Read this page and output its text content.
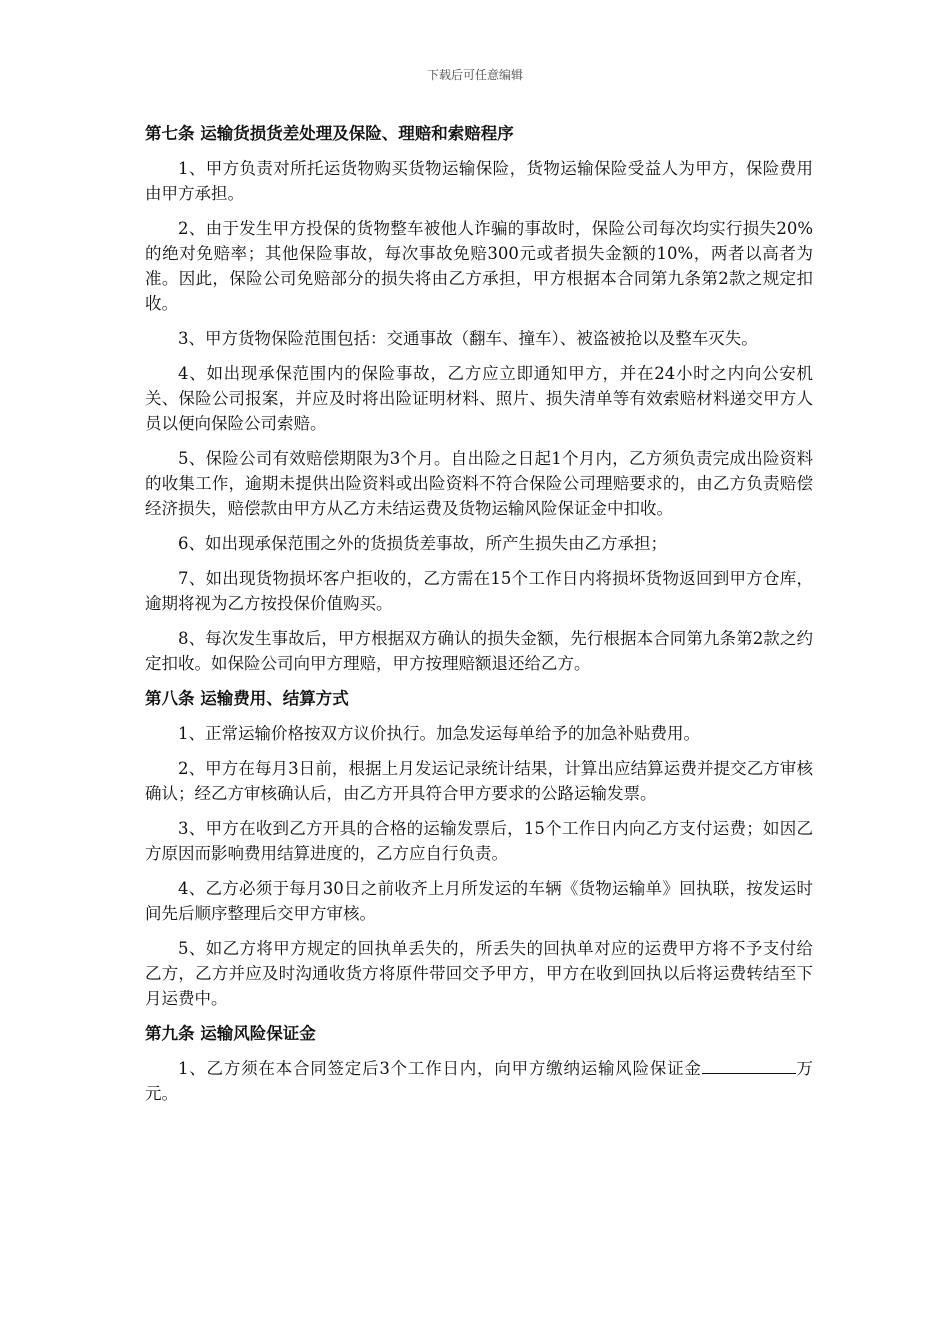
下载后可任意编辑
第七条 运输货损货差处理及保险、理赔和索赔程序
1、甲方负责对所托运货物购买货物运输保险，货物运输保险受益人为甲方，保险费用由甲方承担。
2、由于发生甲方投保的货物整车被他人诈骗的事故时，保险公司每次均实行损失20%的绝对免赔率；其他保险事故，每次事故免赔300元或者损失金额的10%，两者以高者为准。因此，保险公司免赔部分的损失将由乙方承担，甲方根据本合同第九条第2款之规定扣收。
3、甲方货物保险范围包括：交通事故（翻车、撞车）、被盗被抢以及整车灭失。
4、如出现承保范围内的保险事故，乙方应立即通知甲方，并在24小时之内向公安机关、保险公司报案，并应及时将出险证明材料、照片、损失清单等有效索赔材料递交甲方人员以便向保险公司索赔。
5、保险公司有效赔偿期限为3个月。自出险之日起1个月内，乙方须负责完成出险资料的收集工作，逾期未提供出险资料或出险资料不符合保险公司理赔要求的，由乙方负责赔偿经济损失，赔偿款由甲方从乙方未结运费及货物运输风险保证金中扣收。
6、如出现承保范围之外的货损货差事故，所产生损失由乙方承担；
7、如出现货物损坏客户拒收的，乙方需在15个工作日内将损坏货物返回到甲方仓库，逾期将视为乙方按投保价值购买。
8、每次发生事故后，甲方根据双方确认的损失金额，先行根据本合同第九条第2款之约定扣收。如保险公司向甲方理赔，甲方按理赔额退还给乙方。
第八条 运输费用、结算方式
1、正常运输价格按双方议价执行。加急发运每单给予的加急补贴费用。
2、甲方在每月3日前，根据上月发运记录统计结果，计算出应结算运费并提交乙方审核确认；经乙方审核确认后，由乙方开具符合甲方要求的公路运输发票。
3、甲方在收到乙方开具的合格的运输发票后，15个工作日内向乙方支付运费；如因乙方原因而影响费用结算进度的，乙方应自行负责。
4、乙方必须于每月30日之前收齐上月所发运的车辆《货物运输单》回执联，按发运时间先后顺序整理后交甲方审核。
5、如乙方将甲方规定的回执单丢失的，所丢失的回执单对应的运费甲方将不予支付给乙方，乙方并应及时沟通收货方将原件带回交予甲方，甲方在收到回执以后将运费转结至下月运费中。
第九条 运输风险保证金
1、乙方须在本合同签定后3个工作日内，向甲方缴纳运输风险保证金	万元。
